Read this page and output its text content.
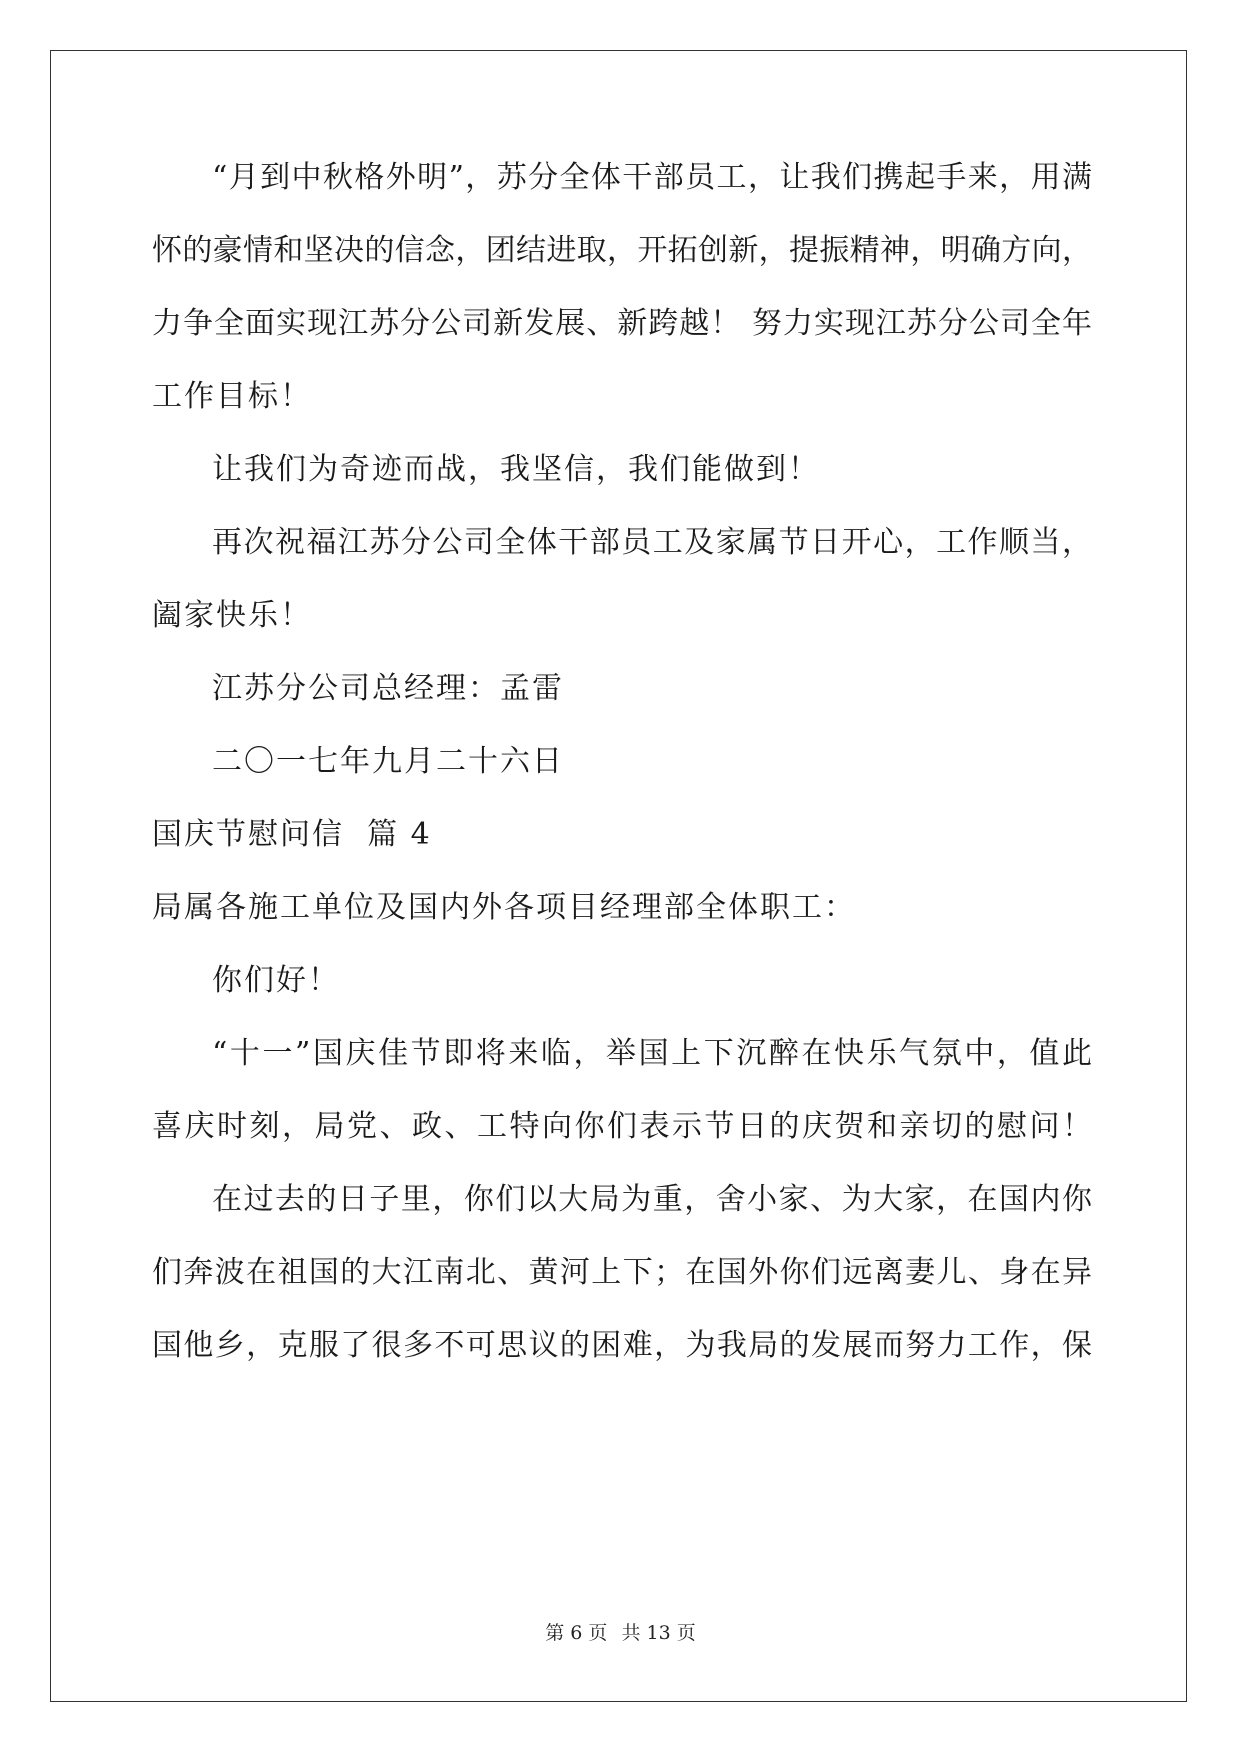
“月到中秋格外明”，苏分全体干部员工，让我们携起手来，用满
怀的豪情和坚决的信念，团结进取，开拓创新，提振精神，明确方向，
力争全面实现江苏分公司新发展、新跨越！ 努力实现江苏分公司全年
工作目标！
让我们为奇迹而战，我坚信，我们能做到！
再次祝福江苏分公司全体干部员工及家属节日开心，工作顺当，
阖家快乐！
江苏分公司总经理：孟雷
二〇一七年九月二十六日
国庆节慰问信  篇 4
局属各施工单位及国内外各项目经理部全体职工：
你们好！
“十一”国庆佳节即将来临，举国上下沉醉在快乐气氛中，值此
喜庆时刻，局党、政、工特向你们表示节日的庆贺和亲切的慰问！
在过去的日子里，你们以大局为重，舍小家、为大家，在国内你
们奔波在祖国的大江南北、黄河上下；在国外你们远离妻儿、身在异
国他乡，克服了很多不可思议的困难，为我局的发展而努力工作，保
第 6 页 共 13 页
